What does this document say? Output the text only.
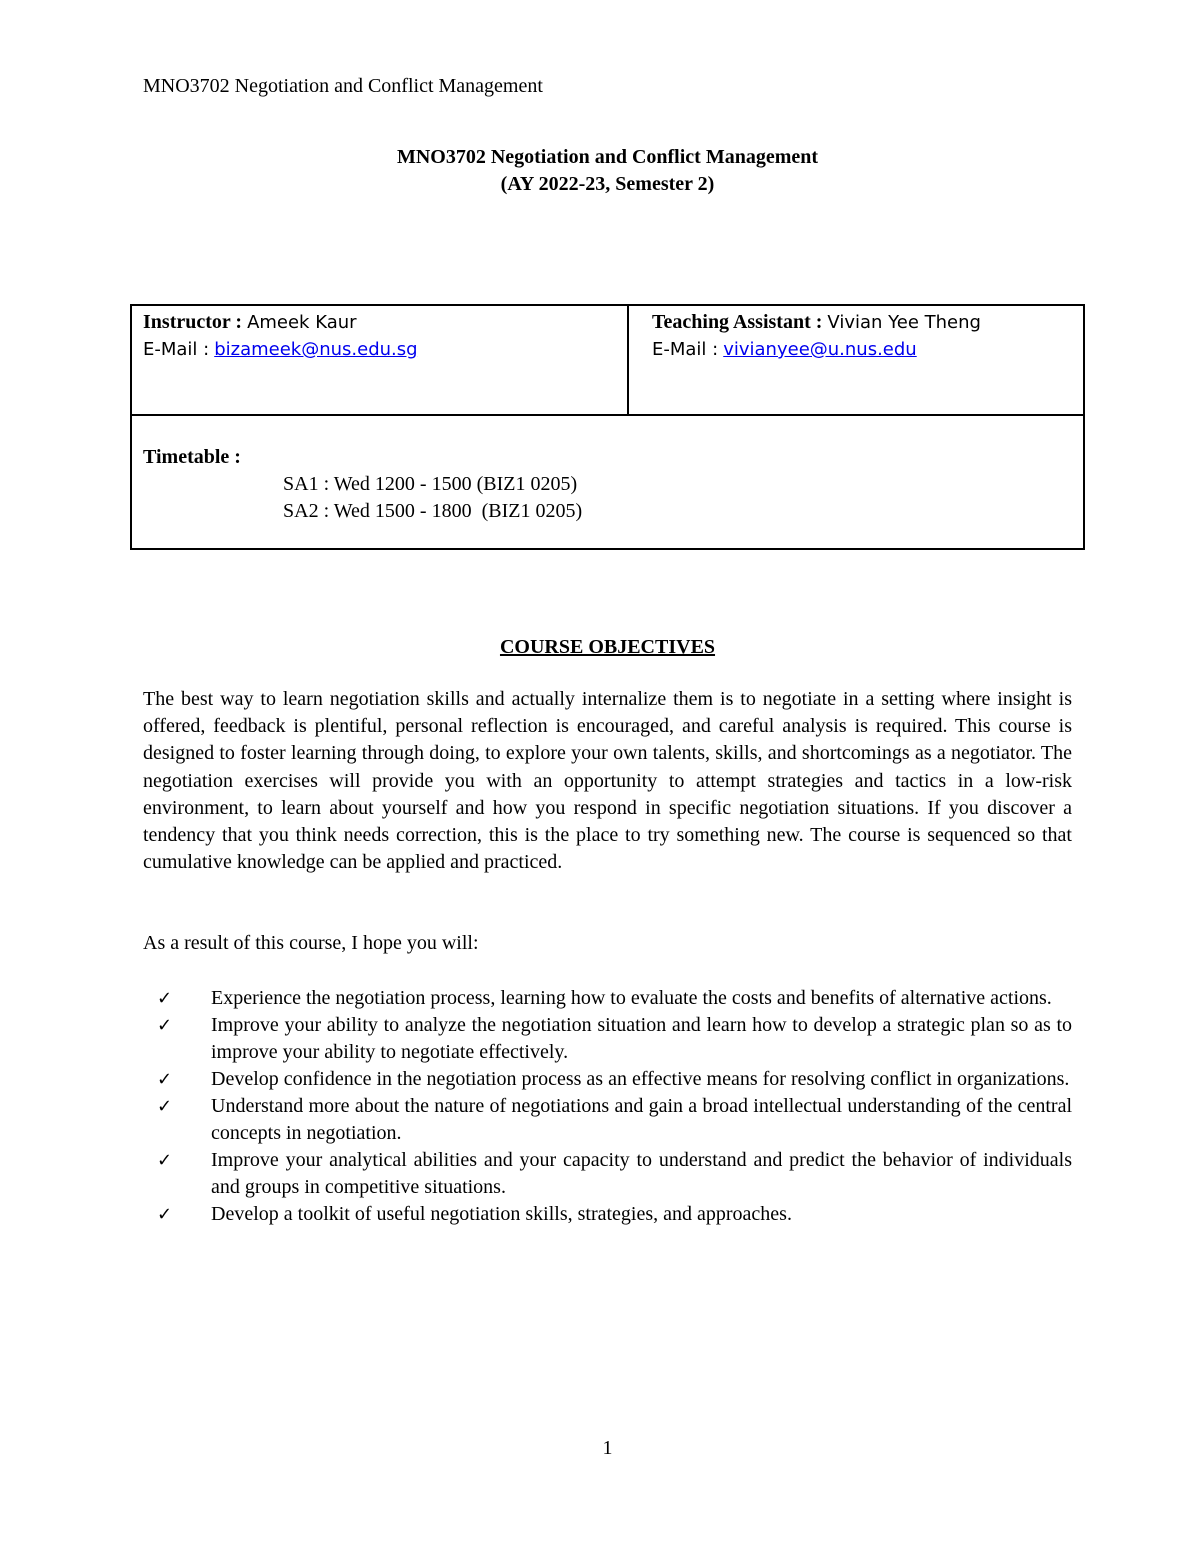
MNO3702 Negotiation and Conflict Management
MNO3702 Negotiation and Conflict Management
(AY 2022-23, Semester 2)
Instructor : Ameek Kaur
E-Mail : bizameek@nus.edu.sg
Teaching Assistant : Vivian Yee Theng
E-Mail : vivianyee@u.nus.edu
Timetable :
SA1 : Wed 1200 - 1500 (BIZ1 0205)
SA2 : Wed 1500 - 1800  (BIZ1 0205)
COURSE OBJECTIVES

The best way to learn negotiation skills and actually internalize them is to negotiate in a setting where insight is offered, feedback is plentiful, personal reflection is encouraged, and careful analysis is required. This course is designed to foster learning through doing, to explore your own talents, skills, and shortcomings as a negotiator. The negotiation exercises will provide you with an opportunity to attempt strategies and tactics in a low-risk environment, to learn about yourself and how you respond in specific negotiation situations. If you discover a tendency that you think needs correction, this is the place to try something new. The course is sequenced so that cumulative knowledge can be applied and practiced.

As a result of this course, I hope you will:

✓ Experience the negotiation process, learning how to evaluate the costs and benefits of alternative actions.
✓ Improve your ability to analyze the negotiation situation and learn how to develop a strategic plan so as to improve your ability to negotiate effectively.
✓ Develop confidence in the negotiation process as an effective means for resolving conflict in organizations.
✓ Understand more about the nature of negotiations and gain a broad intellectual understanding of the central concepts in negotiation.
✓ Improve your analytical abilities and your capacity to understand and predict the behavior of individuals and groups in competitive situations.
✓ Develop a toolkit of useful negotiation skills, strategies, and approaches.
1
